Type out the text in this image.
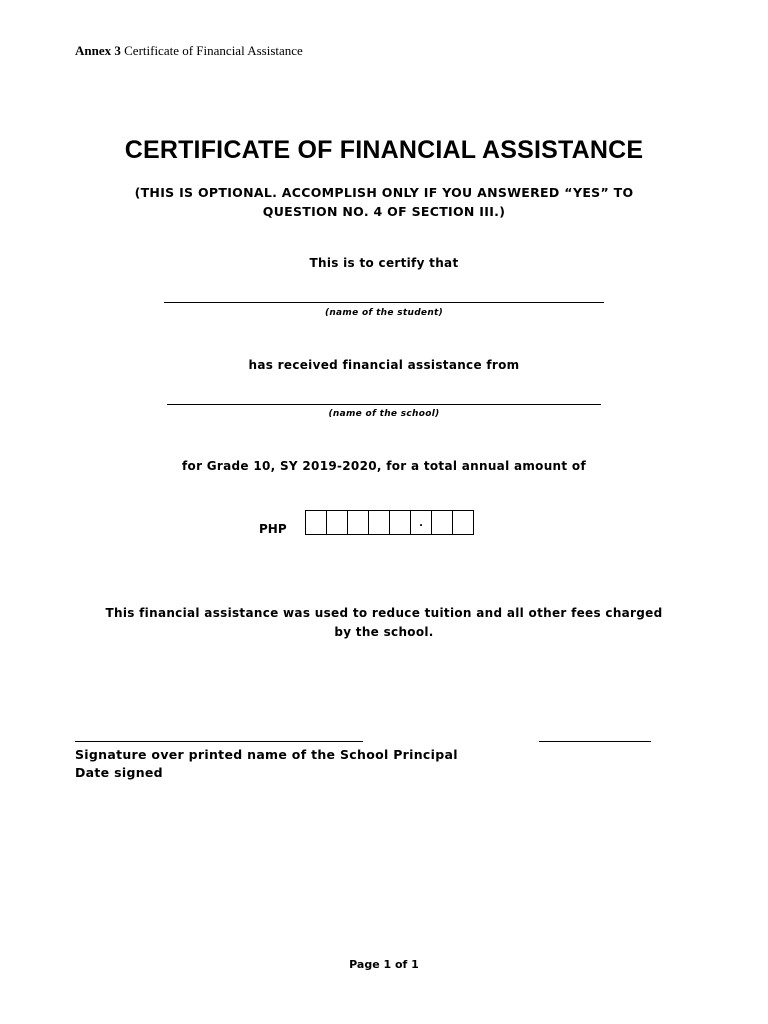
Annex 3 Certificate of Financial Assistance
CERTIFICATE OF FINANCIAL ASSISTANCE
(THIS IS OPTIONAL. ACCOMPLISH ONLY IF YOU ANSWERED “YES” TO
QUESTION NO. 4 OF SECTION III.)
This is to certify that
(name of the student)
has received financial assistance from
(name of the school)
for Grade 10, SY 2019-2020, for a total annual amount of
PHP	.
This financial assistance was used to reduce tuition and all other fees charged
by the school.
Signature over printed name of the School Principal
Date signed
Page 1 of 1
